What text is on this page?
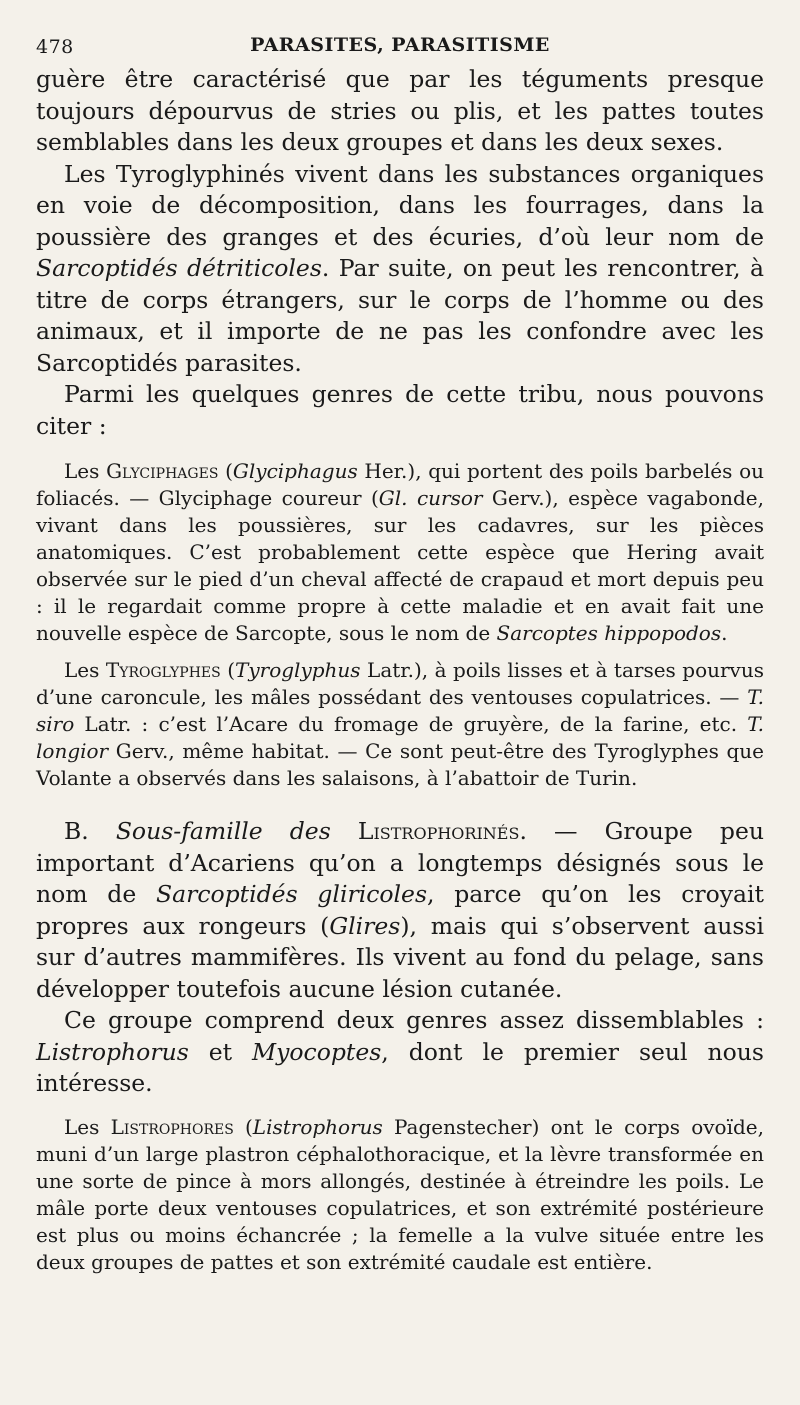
478	PARASITES, PARASITISME

guère être caractérisé que par les téguments presque toujours dépourvus de stries ou plis, et les pattes toutes semblables dans les deux groupes et dans les deux sexes.

Les Tyroglyphinés vivent dans les substances organiques en voie de décomposition, dans les fourrages, dans la poussière des granges et des écuries, d’où leur nom de Sarcoptidés détriticoles. Par suite, on peut les rencontrer, à titre de corps étrangers, sur le corps de l’homme ou des animaux, et il importe de ne pas les confondre avec les Sarcoptidés parasites.

Parmi les quelques genres de cette tribu, nous pouvons citer :

Les Glyciphages (Glyciphagus Her.), qui portent des poils barbelés ou foliacés. — Glyciphage coureur (Gl. cursor Gerv.), espèce vagabonde, vivant dans les poussières, sur les cadavres, sur les pièces anatomiques. C’est probablement cette espèce que Hering avait observée sur le pied d’un cheval affecté de crapaud et mort depuis peu : il le regardait comme propre à cette maladie et en avait fait une nouvelle espèce de Sarcopte, sous le nom de Sarcoptes hippopodos.

Les Tyroglyphes (Tyroglyphus Latr.), à poils lisses et à tarses pourvus d’une caroncule, les mâles possédant des ventouses copulatrices. — T. siro Latr. : c’est l’Acare du fromage de gruyère, de la farine, etc. T. longior Gerv., même habitat. — Ce sont peut-être des Tyroglyphes que Volante a observés dans les salaisons, à l’abattoir de Turin.

B. Sous-famille des Listrophorinés. — Groupe peu important d’Acariens qu’on a longtemps désignés sous le nom de Sarcoptidés gliricoles, parce qu’on les croyait propres aux rongeurs (Glires), mais qui s’observent aussi sur d’autres mammifères. Ils vivent au fond du pelage, sans développer toutefois aucune lésion cutanée.

Ce groupe comprend deux genres assez dissemblables : Listrophorus et Myocoptes, dont le premier seul nous intéresse.

Les Listrophores (Listrophorus Pagenstecher) ont le corps ovoïde, muni d’un large plastron céphalothoracique, et la lèvre transformée en une sorte de pince à mors allongés, destinée à étreindre les poils. Le mâle porte deux ventouses copulatrices, et son extrémité postérieure est plus ou moins échancrée ; la femelle a la vulve située entre les deux groupes de pattes et son extrémité caudale est entière.
